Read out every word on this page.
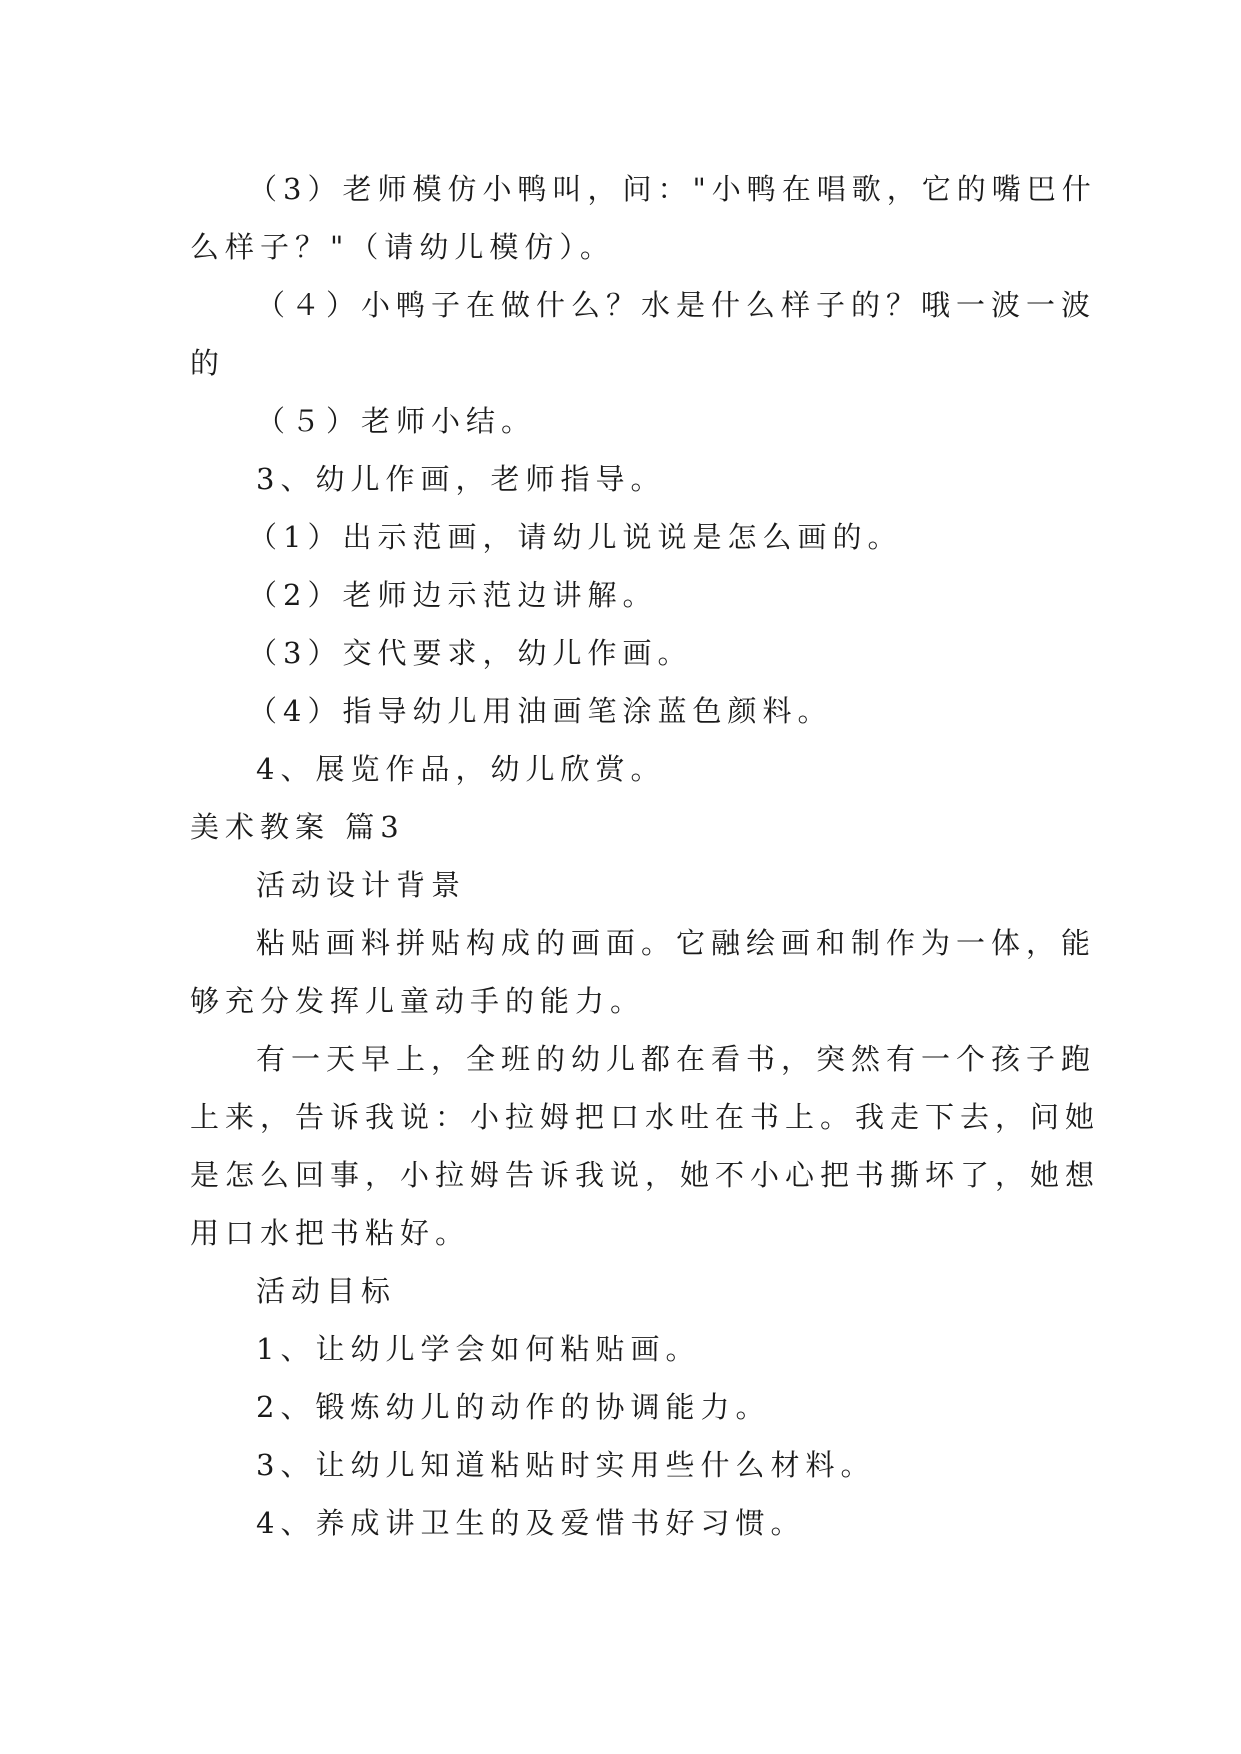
（3）老师模仿小鸭叫，问："小鸭在唱歌，它的嘴巴什
么样子？"（请幼儿模仿）。
（４）小鸭子在做什么？水是什么样子的？哦一波一波
的
（５）老师小结。
3、幼儿作画，老师指导。
（1）出示范画，请幼儿说说是怎么画的。
（2）老师边示范边讲解。
（3）交代要求，幼儿作画。
（4）指导幼儿用油画笔涂蓝色颜料。
4、展览作品，幼儿欣赏。
美术教案 篇3
活动设计背景
粘贴画料拼贴构成的画面。它融绘画和制作为一体，能
够充分发挥儿童动手的能力。
有一天早上，全班的幼儿都在看书，突然有一个孩子跑
上来，告诉我说：小拉姆把口水吐在书上。我走下去，问她
是怎么回事，小拉姆告诉我说，她不小心把书撕坏了，她想
用口水把书粘好。
活动目标
1、让幼儿学会如何粘贴画。
2、锻炼幼儿的动作的协调能力。
3、让幼儿知道粘贴时实用些什么材料。
4、养成讲卫生的及爱惜书好习惯。
